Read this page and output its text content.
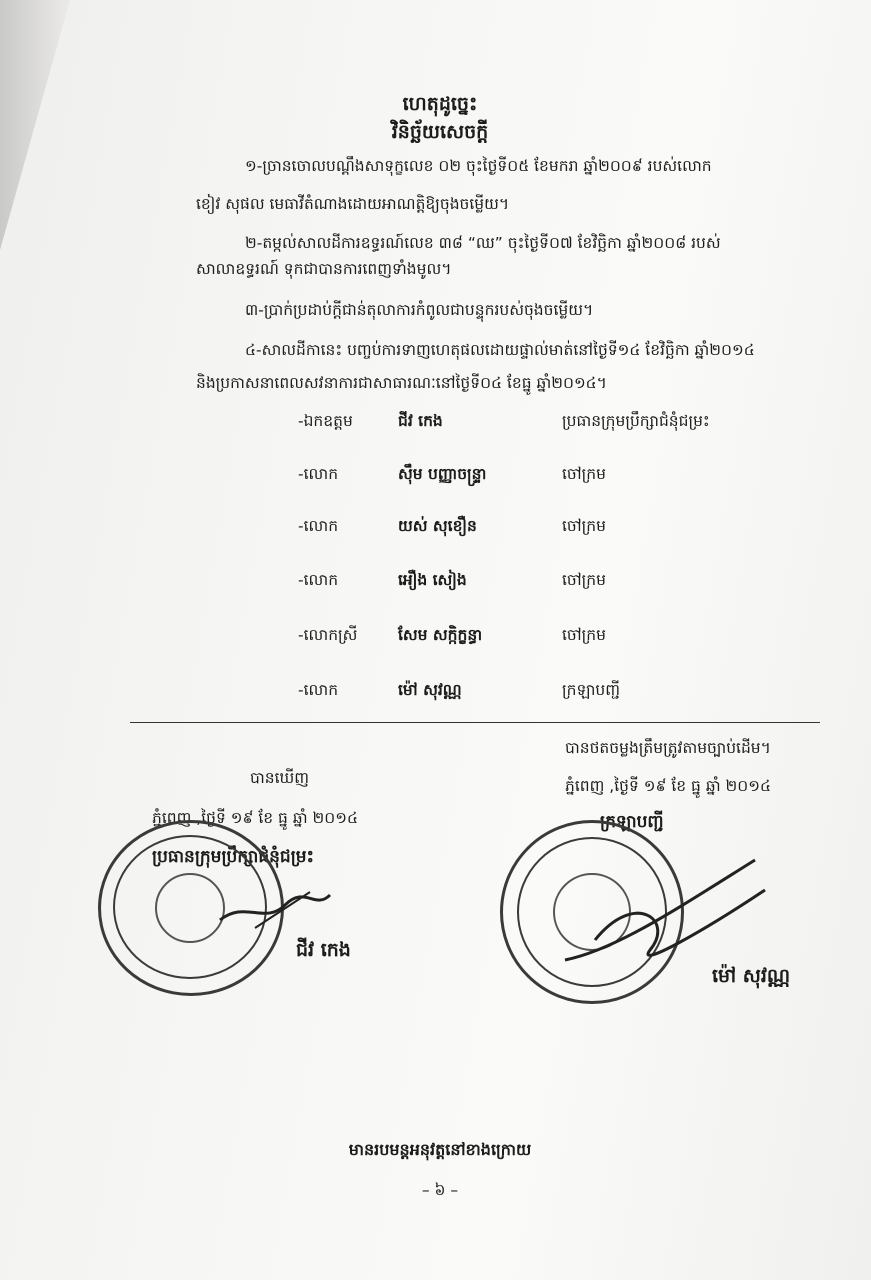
ហេតុដូច្នេះ
វិនិច្ឆ័យសេចក្តី
១-ច្រានចោលបណ្តឹងសាទុក្ខលេខ ០២ ចុះថ្ងៃទី០៥ ខែមករា ឆ្នាំ២០០៩ របស់លោក
ខៀវ សុផល មេធាវីតំណាងដោយអាណត្តិឱ្យចុងចម្លើយ។
២-តម្កល់សាលដីការឧទ្ធរណ៍លេខ ៣៨ “ឈ” ចុះថ្ងៃទី០៧ ខែវិច្ឆិកា ឆ្នាំ២០០៨ របស់
សាលាឧទ្ធរណ៍ ទុកជាបានការពេញទាំងមូល។
៣-ប្រាក់ប្រដាប់ក្តីជាន់តុលាការកំពូលជាបន្ទុករបស់ចុងចម្លើយ។
៤-សាលដីកានេះ បញ្ចប់ការទាញហេតុផលដោយផ្ទាល់មាត់នៅថ្ងៃទី១៤ ខែវិច្ឆិកា ឆ្នាំ២០១៤
និងប្រកាសនាពេលសវនាការជាសាធារណៈនៅថ្ងៃទី០៤ ខែធ្នូ ឆ្នាំ២០១៤។
-ឯកឧត្តម	ជីវ កេង	ប្រធានក្រុមប្រឹក្សាជំនុំជម្រះ
-លោក	ស៊ឹម បញ្ញាចន្ទ្រា	ចៅក្រម
-លោក	យស់ សុខឿន	ចៅក្រម
-លោក	អឿង សៀង	ចៅក្រម
-លោកស្រី	សែម សក្កិក្ខន្ធា	ចៅក្រម
-លោក	ម៉ៅ សុវណ្ណ	ក្រឡាបញ្ជី
បានថតចម្លងត្រឹមត្រូវតាមច្បាប់ដើម។
ភ្នំពេញ ,ថ្ងៃទី ១៩ ខែ ធ្នូ ឆ្នាំ ២០១៤
ក្រឡាបញ្ជី
បានឃើញ
ភ្នំពេញ ,ថ្ងៃទី ១៩ ខែ ធ្នូ ឆ្នាំ ២០១៤
ប្រធានក្រុមប្រឹក្សាជំនុំជម្រះ
ជីវ កេង
ម៉ៅ សុវណ្ណ
មានរបមន្តអនុវត្តនៅខាងក្រោយ
– ៦ –
